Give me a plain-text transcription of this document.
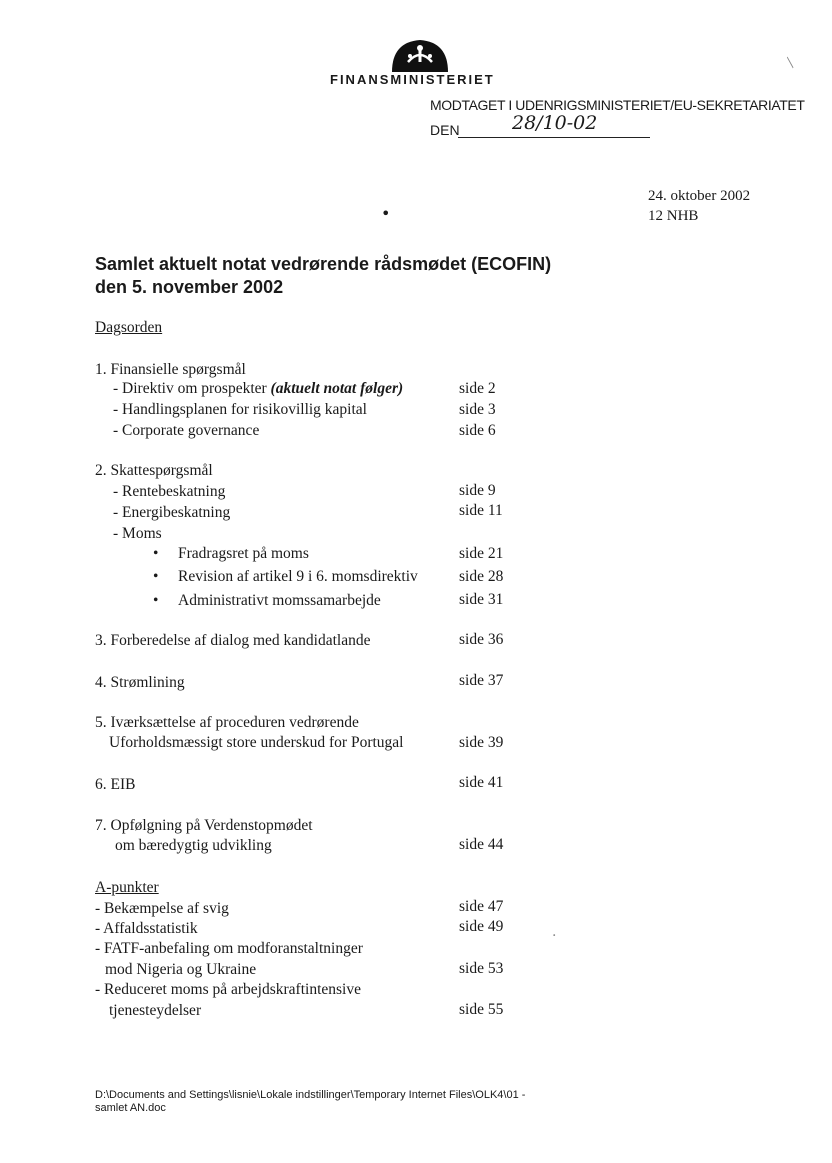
FINANSMINISTERIET
MODTAGET I UDENRIGSMINISTERIET/EU-SEKRETARIATET
DEN	28/10-02
24. oktober 2002
12 NHB
•
Samlet aktuelt notat vedrørende rådsmødet (ECOFIN)
den 5. november 2002
Dagsorden
1. Finansielle spørgsmål
- Direktiv om prospekter (aktuelt notat følger)	side 2
- Handlingsplanen for risikovillig kapital	side 3
- Corporate governance	side 6
2. Skattespørgsmål
- Rentebeskatning	side 9
- Energibeskatning	side 11
- Moms
• Fradragsret på moms	side 21
• Revision af artikel 9 i 6. momsdirektiv	side 28
• Administrativt momssamarbejde	side 31
3. Forberedelse af dialog med kandidatlande	side 36
4. Strømlining	side 37
5. Iværksættelse af proceduren vedrørende
Uforholdsmæssigt store underskud for Portugal	side 39
6. EIB	side 41
7. Opfølgning på Verdenstopmødet
om bæredygtig udvikling	side 44
A-punkter
- Bekæmpelse af svig	side 47
- Affaldsstatistik	side 49
- FATF-anbefaling om modforanstaltninger
mod Nigeria og Ukraine	side 53
- Reduceret moms på arbejdskraftintensive
tjenesteydelser	side 55
D:\Documents and Settings\lisnie\Lokale indstillinger\Temporary Internet Files\OLK4\01 -
samlet AN.doc
⁄
·
